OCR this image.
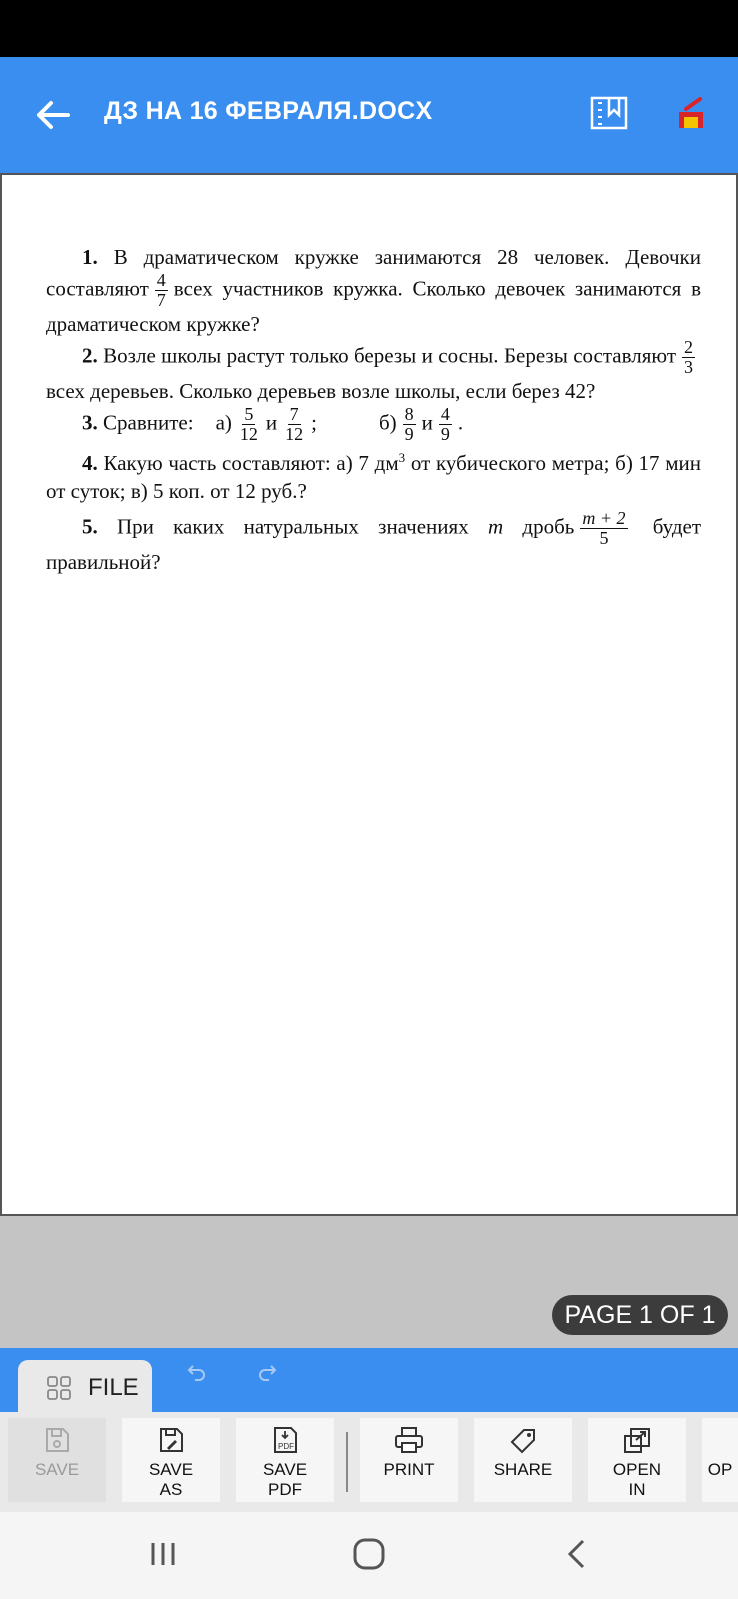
ДЗ НА 16 ФЕВРАЛЯ.DOCX

1. В драматическом кружке занимаются 28 человек. Девочки составляют $\frac{4}{7}$ всех участников кружка. Сколько девочек занимаются в драматическом кружке?

2. Возле школы растут только березы и сосны. Березы составляют $\frac{2}{3}$
всех деревьев. Сколько деревьев возле школы, если берез 42?

3. Сравните: $а) \frac{5}{12}$ и $\frac{7}{12}$ ;	$б) \frac{8}{9}$ и $\frac{4}{9}$ .

4. Какую часть составляют: а) 7 $дм^3$ от кубического метра; б) 17 мин от суток; в) 5 коп. от 12 руб.?

5. При каких натуральных значениях m дробь $\frac{m + 2}{5}$ будет правильной?

PAGE 1 OF 1
FILE
SAVE	SAVE
AS
PDF
SAVE
PDF
PRINT	SHARE	OPEN
IN
OP
